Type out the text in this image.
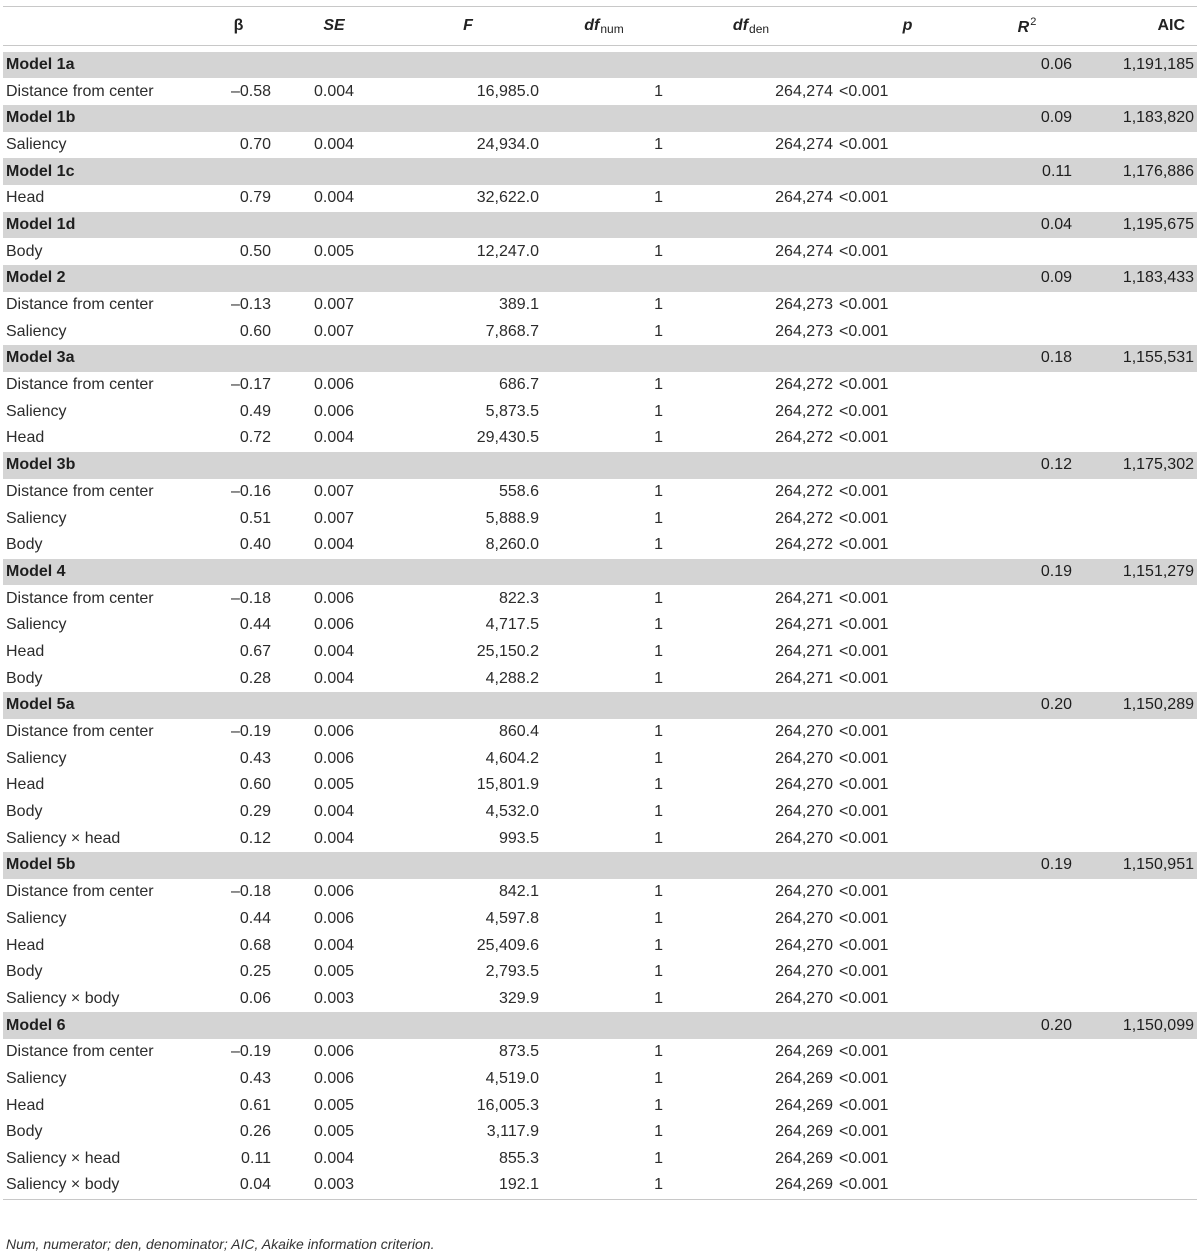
	β	SE	F	$df_{num}$	$df_{den}$	p	$R^2$	AIC

Model 1a							0.06	1,191,185
Distance from center	–0.58	0.004	16,985.0	1	264,274	<0.001		
Model 1b							0.09	1,183,820
Saliency	0.70	0.004	24,934.0	1	264,274	<0.001		
Model 1c							0.11	1,176,886
Head	0.79	0.004	32,622.0	1	264,274	<0.001		
Model 1d							0.04	1,195,675
Body	0.50	0.005	12,247.0	1	264,274	<0.001		
Model 2							0.09	1,183,433
Distance from center	–0.13	0.007	389.1	1	264,273	<0.001		
Saliency	0.60	0.007	7,868.7	1	264,273	<0.001		
Model 3a							0.18	1,155,531
Distance from center	–0.17	0.006	686.7	1	264,272	<0.001		
Saliency	0.49	0.006	5,873.5	1	264,272	<0.001		
Head	0.72	0.004	29,430.5	1	264,272	<0.001		
Model 3b							0.12	1,175,302
Distance from center	–0.16	0.007	558.6	1	264,272	<0.001		
Saliency	0.51	0.007	5,888.9	1	264,272	<0.001		
Body	0.40	0.004	8,260.0	1	264,272	<0.001		
Model 4							0.19	1,151,279
Distance from center	–0.18	0.006	822.3	1	264,271	<0.001		
Saliency	0.44	0.006	4,717.5	1	264,271	<0.001		
Head	0.67	0.004	25,150.2	1	264,271	<0.001		
Body	0.28	0.004	4,288.2	1	264,271	<0.001		
Model 5a							0.20	1,150,289
Distance from center	–0.19	0.006	860.4	1	264,270	<0.001		
Saliency	0.43	0.006	4,604.2	1	264,270	<0.001		
Head	0.60	0.005	15,801.9	1	264,270	<0.001		
Body	0.29	0.004	4,532.0	1	264,270	<0.001		
Saliency × head	0.12	0.004	993.5	1	264,270	<0.001		
Model 5b							0.19	1,150,951
Distance from center	–0.18	0.006	842.1	1	264,270	<0.001		
Saliency	0.44	0.006	4,597.8	1	264,270	<0.001		
Head	0.68	0.004	25,409.6	1	264,270	<0.001		
Body	0.25	0.005	2,793.5	1	264,270	<0.001		
Saliency × body	0.06	0.003	329.9	1	264,270	<0.001		
Model 6							0.20	1,150,099
Distance from center	–0.19	0.006	873.5	1	264,269	<0.001		
Saliency	0.43	0.006	4,519.0	1	264,269	<0.001		
Head	0.61	0.005	16,005.3	1	264,269	<0.001		
Body	0.26	0.005	3,117.9	1	264,269	<0.001		
Saliency × head	0.11	0.004	855.3	1	264,269	<0.001		
Saliency × body	0.04	0.003	192.1	1	264,269	<0.001		
Num, numerator; den, denominator; AIC, Akaike information criterion.
